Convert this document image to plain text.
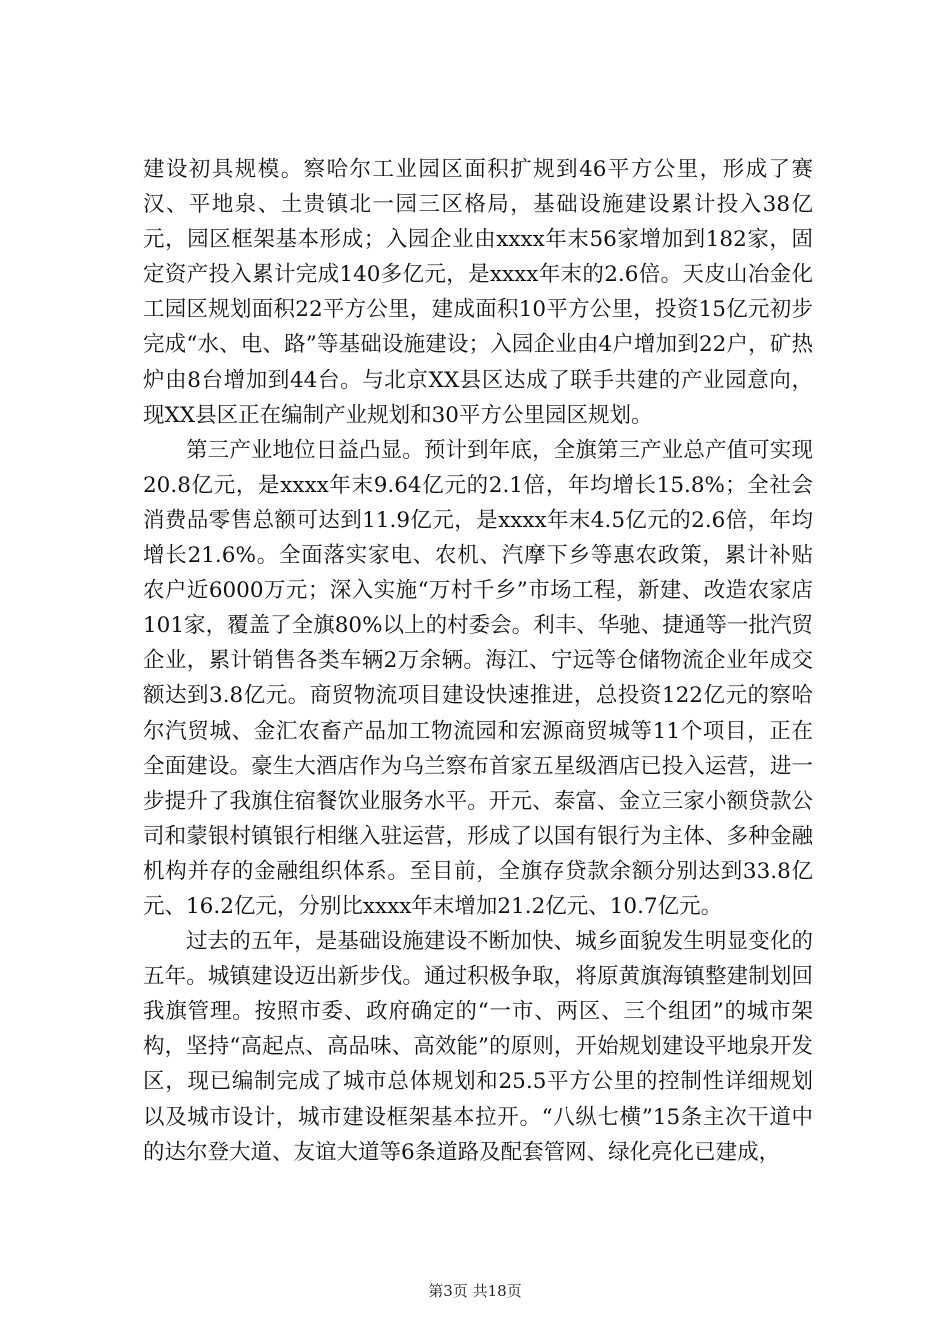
建设初具规模。察哈尔工业园区面积扩规到46平方公里，形成了赛汉、平地泉、土贵镇北一园三区格局，基础设施建设累计投入38亿元，园区框架基本形成；入园企业由xxxx年末56家增加到182家，固定资产投入累计完成140多亿元，是xxxx年末的2.6倍。天皮山冶金化工园区规划面积22平方公里，建成面积10平方公里，投资15亿元初步完成“水、电、路”等基础设施建设；入园企业由4户增加到22户，矿热炉由8台增加到44台。与北京XX县区达成了联手共建的产业园意向，现XX县区正在编制产业规划和30平方公里园区规划。

第三产业地位日益凸显。预计到年底，全旗第三产业总产值可实现20.8亿元，是xxxx年末9.64亿元的2.1倍，年均增长15.8%；全社会消费品零售总额可达到11.9亿元，是xxxx年末4.5亿元的2.6倍，年均增长21.6%。全面落实家电、农机、汽摩下乡等惠农政策，累计补贴农户近6000万元；深入实施“万村千乡”市场工程，新建、改造农家店101家，覆盖了全旗80%以上的村委会。利丰、华驰、捷通等一批汽贸企业，累计销售各类车辆2万余辆。海江、宁远等仓储物流企业年成交额达到3.8亿元。商贸物流项目建设快速推进，总投资122亿元的察哈尔汽贸城、金汇农畜产品加工物流园和宏源商贸城等11个项目，正在全面建设。豪生大酒店作为乌兰察布首家五星级酒店已投入运营，进一步提升了我旗住宿餐饮业服务水平。开元、泰富、金立三家小额贷款公司和蒙银村镇银行相继入驻运营，形成了以国有银行为主体、多种金融机构并存的金融组织体系。至目前，全旗存贷款余额分别达到33.8亿元、16.2亿元，分别比xxxx年末增加21.2亿元、10.7亿元。

过去的五年，是基础设施建设不断加快、城乡面貌发生明显变化的五年。城镇建设迈出新步伐。通过积极争取，将原黄旗海镇整建制划回我旗管理。按照市委、政府确定的“一市、两区、三个组团”的城市架构，坚持“高起点、高品味、高效能”的原则，开始规划建设平地泉开发区，现已编制完成了城市总体规划和25.5平方公里的控制性详细规划以及城市设计，城市建设框架基本拉开。“八纵七横”15条主次干道中的达尔登大道、友谊大道等6条道路及配套管网、绿化亮化已建成，

第3页 共18页
